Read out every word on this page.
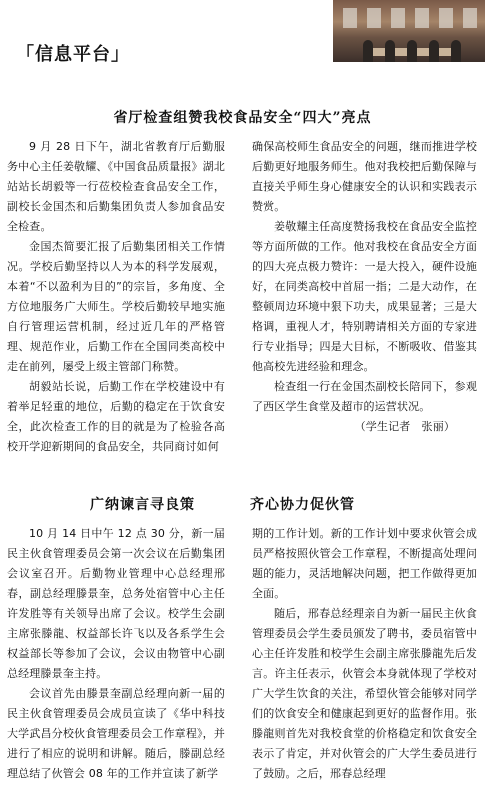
「信息平台」
省厅检查组赞我校食品安全“四大”亮点

9 月 28 日下午，湖北省教育厅后勤服务中心主任姜敬耀、《中国食品质量报》湖北站站长胡毅等一行莅校检查食品安全工作，副校长金国杰和后勤集团负责人参加食品安全检查。

金国杰简要汇报了后勤集团相关工作情况。学校后勤坚持以人为本的科学发展观，本着“不以盈利为目的”的宗旨，多角度、全方位地服务广大师生。学校后勤较早地实施自行管理运营机制，经过近几年的严格管理、规范作业，后勤工作在全国同类高校中走在前列，屡受上级主管部门称赞。

胡毅站长说，后勤工作在学校建设中有着举足轻重的地位，后勤的稳定在于饮食安全，此次检查工作的目的就是为了检验各高校开学迎新期间的食品安全，共同商讨如何

确保高校师生食品安全的问题，继而推进学校后勤更好地服务师生。他对我校把后勤保障与直接关乎师生身心健康安全的认识和实践表示赞赏。

姜敬耀主任高度赞扬我校在食品安全监控等方面所做的工作。他对我校在食品安全方面的四大亮点极力赞许：一是大投入，硬件设施好，在同类高校中首屈一指；二是大动作，在整顿周边环境中狠下功夫，成果显著；三是大格调，重视人才，特别聘请相关方面的专家进行专业指导；四是大目标，不断吸收、借鉴其他高校先进经验和理念。

检查组一行在金国杰副校长陪同下，参观了西区学生食堂及超市的运营状况。

（学生记者　张丽）
广纳谏言寻良策	齐心协力促伙管

10 月 14 日中午 12 点 30 分，新一届民主伙食管理委员会第一次会议在后勤集团会议室召开。后勤物业管理中心总经理邢春，副总经理滕景奎，总务处宿管中心主任许发胜等有关领导出席了会议。校学生会副主席张滕龍、权益部长许飞以及各系学生会权益部长等参加了会议，会议由物管中心副总经理滕景奎主持。

会议首先由滕景奎副总经理向新一届的民主伙食管理委员会成员宣读了《华中科技大学武昌分校伙食管理委员会工作章程》，并进行了相应的说明和讲解。随后，滕副总经理总结了伙管会 08 年的工作并宣读了新学

期的工作计划。新的工作计划中要求伙管会成员严格按照伙管会工作章程，不断提高处理问题的能力，灵活地解决问题，把工作做得更加全面。

随后，邢春总经理亲自为新一届民主伙食管理委员会学生委员颁发了聘书，委员宿管中心主任许发胜和校学生会副主席张滕龍先后发言。许主任表示，伙管会本身就体现了学校对广大学生饮食的关注，希望伙管会能够对同学们的饮食安全和健康起到更好的监督作用。张滕龍则首先对我校食堂的价格稳定和饮食安全表示了肯定，并对伙管会的广大学生委员进行了鼓励。之后，邢春总经理
